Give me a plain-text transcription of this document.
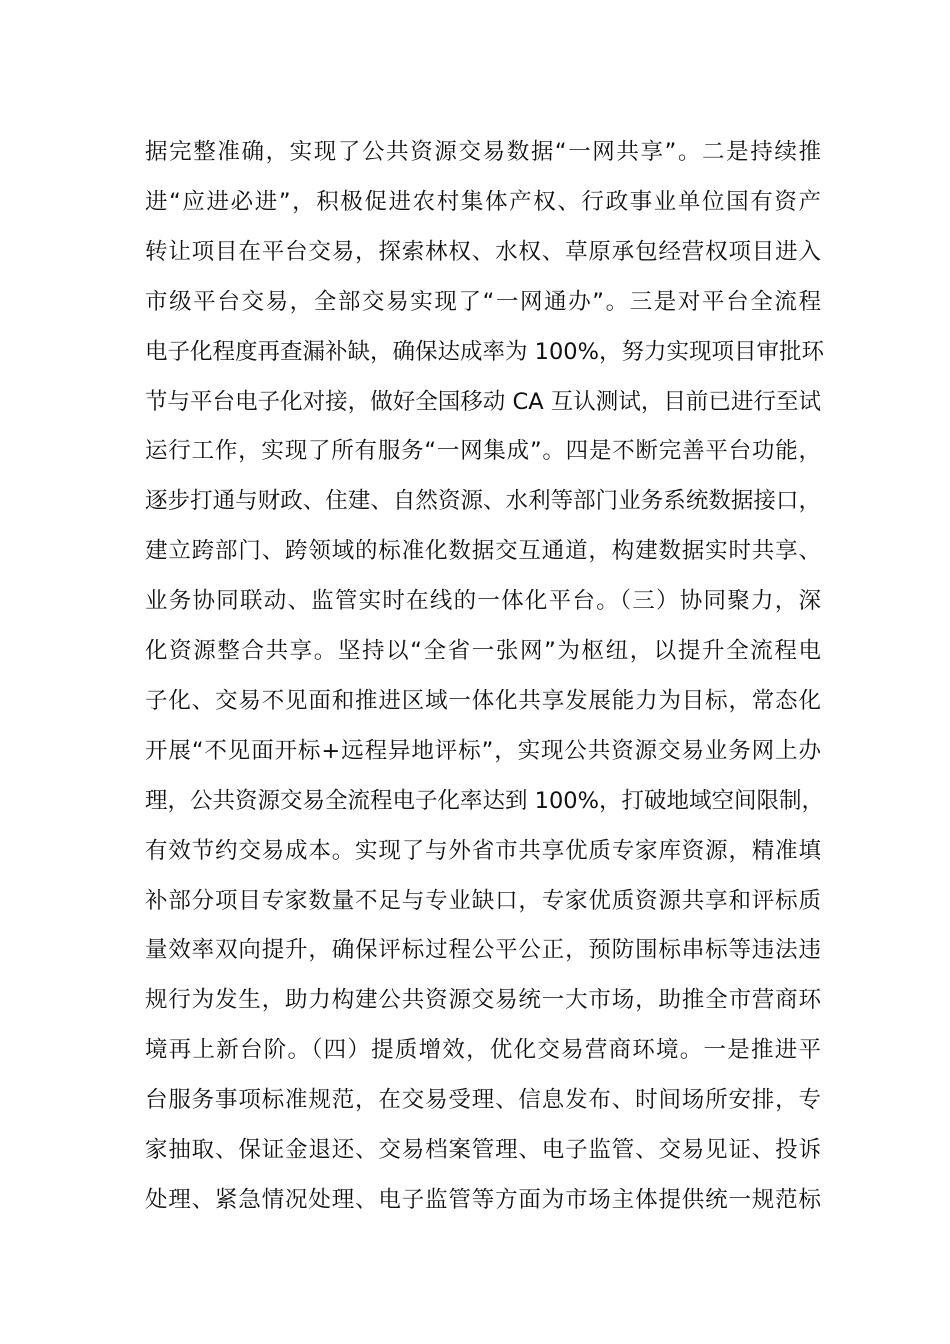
据完整准确，实现了公共资源交易数据“一网共享”。二是持续推
进“应进必进”，积极促进农村集体产权、行政事业单位国有资产
转让项目在平台交易，探索林权、水权、草原承包经营权项目进入
市级平台交易，全部交易实现了“一网通办”。三是对平台全流程
电子化程度再查漏补缺，确保达成率为 100%，努力实现项目审批环
节与平台电子化对接，做好全国移动 CA 互认测试，目前已进行至试
运行工作，实现了所有服务“一网集成”。四是不断完善平台功能，
逐步打通与财政、住建、自然资源、水利等部门业务系统数据接口，
建立跨部门、跨领域的标准化数据交互通道，构建数据实时共享、
业务协同联动、监管实时在线的一体化平台。（三）协同聚力，深
化资源整合共享。坚持以“全省一张网”为枢纽，以提升全流程电
子化、交易不见面和推进区域一体化共享发展能力为目标，常态化
开展“不见面开标+远程异地评标”，实现公共资源交易业务网上办
理，公共资源交易全流程电子化率达到 100%，打破地域空间限制，
有效节约交易成本。实现了与外省市共享优质专家库资源，精准填
补部分项目专家数量不足与专业缺口，专家优质资源共享和评标质
量效率双向提升，确保评标过程公平公正，预防围标串标等违法违
规行为发生，助力构建公共资源交易统一大市场，助推全市营商环
境再上新台阶。（四）提质增效，优化交易营商环境。一是推进平
台服务事项标准规范，在交易受理、信息发布、时间场所安排，专
家抽取、保证金退还、交易档案管理、电子监管、交易见证、投诉
处理、紧急情况处理、电子监管等方面为市场主体提供统一规范标
